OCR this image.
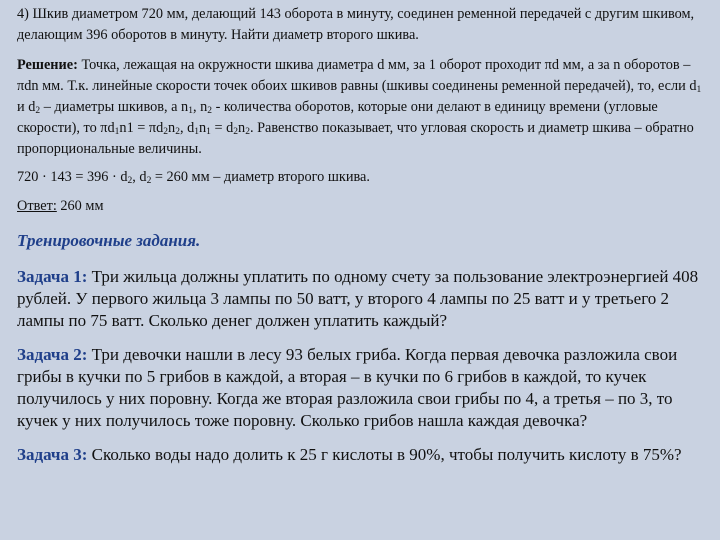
4) Шкив диаметром 720 мм, делающий 143 оборота в минуту, соединен ременной передачей с другим шкивом, делающим 396 оборотов в минуту. Найти диаметр второго шкива.

Решение: Точка, лежащая на окружности шкива диаметра d мм, за 1 оборот проходит πd мм, а за n оборотов – πdn мм. Т.к. линейные скорости точек обоих шкивов равны (шкивы соединены ременной передачей), то, если $d_1$ и $d_2$ – диаметры шкивов, а $n_1$, $n_2$ - количества оборотов, которые они делают в единицу времени (угловые скорости), то $\pi d_1n1 = \pi d_2n_2$, $d_1n_1 = d_2n_2$. Равенство показывает, что угловая скорость и диаметр шкива – обратно пропорциональные величины.

$720 \cdot 143 = 396 \cdot d_2$, $d_2 = 260$ мм – диаметр второго шкива.

Ответ: 260 мм

Тренировочные задания.

Задача 1: Три жильца должны уплатить по одному счету за пользование электроэнергией 408 рублей. У первого жильца 3 лампы по 50 ватт, у второго 4 лампы по 25 ватт и у третьего 2 лампы по 75 ватт. Сколько денег должен уплатить каждый?

Задача 2: Три девочки нашли в лесу 93 белых гриба. Когда первая девочка разложила свои грибы в кучки по 5 грибов в каждой, а вторая – в кучки по 6 грибов в каждой, то кучек получилось у них поровну. Когда же вторая разложила свои грибы по 4, а третья – по 3, то кучек у них получилось тоже поровну. Сколько грибов нашла каждая девочка?

Задача 3: Сколько воды надо долить к 25 г кислоты в 90%, чтобы получить кислоту в 75%?
